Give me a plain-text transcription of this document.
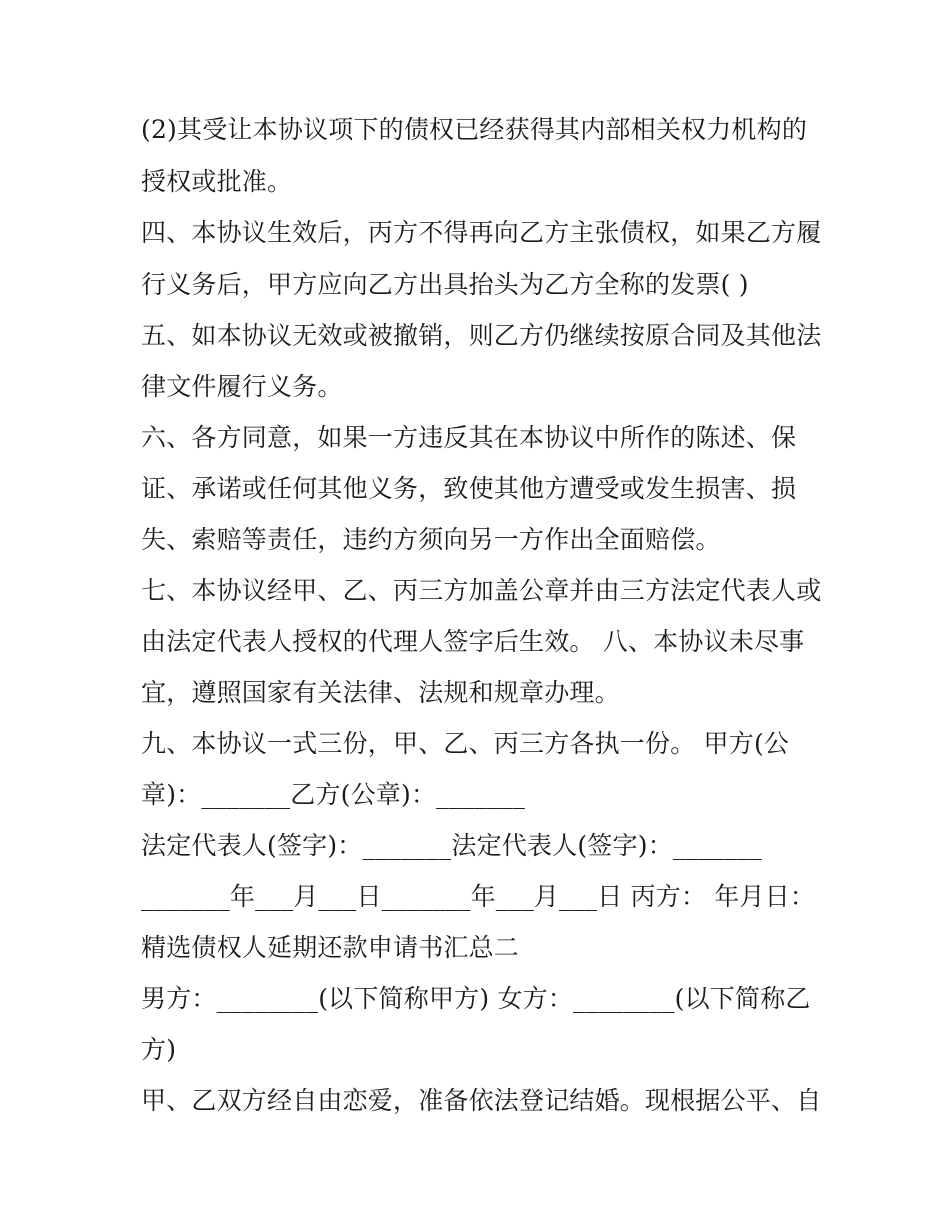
(2)其受让本协议项下的债权已经获得其内部相关权力机构的
授权或批准。
四、本协议生效后，丙方不得再向乙方主张债权，如果乙方履
行义务后，甲方应向乙方出具抬头为乙方全称的发票( )
五、如本协议无效或被撤销，则乙方仍继续按原合同及其他法
律文件履行义务。
六、各方同意，如果一方违反其在本协议中所作的陈述、保
证、承诺或任何其他义务，致使其他方遭受或发生损害、损
失、索赔等责任，违约方须向另一方作出全面赔偿。
七、本协议经甲、乙、丙三方加盖公章并由三方法定代表人或
由法定代表人授权的代理人签字后生效。 八、本协议未尽事
宜，遵照国家有关法律、法规和规章办理。
九、本协议一式三份，甲、乙、丙三方各执一份。 甲方(公
章)：_______乙方(公章)：_______
法定代表人(签字)：_______法定代表人(签字)：_______
_______年___月___日_______年___月___日 丙方： 年月日：
精选债权人延期还款申请书汇总二
男方：________(以下简称甲方) 女方：________(以下简称乙
方)
甲、乙双方经自由恋爱，准备依法登记结婚。现根据公平、自
